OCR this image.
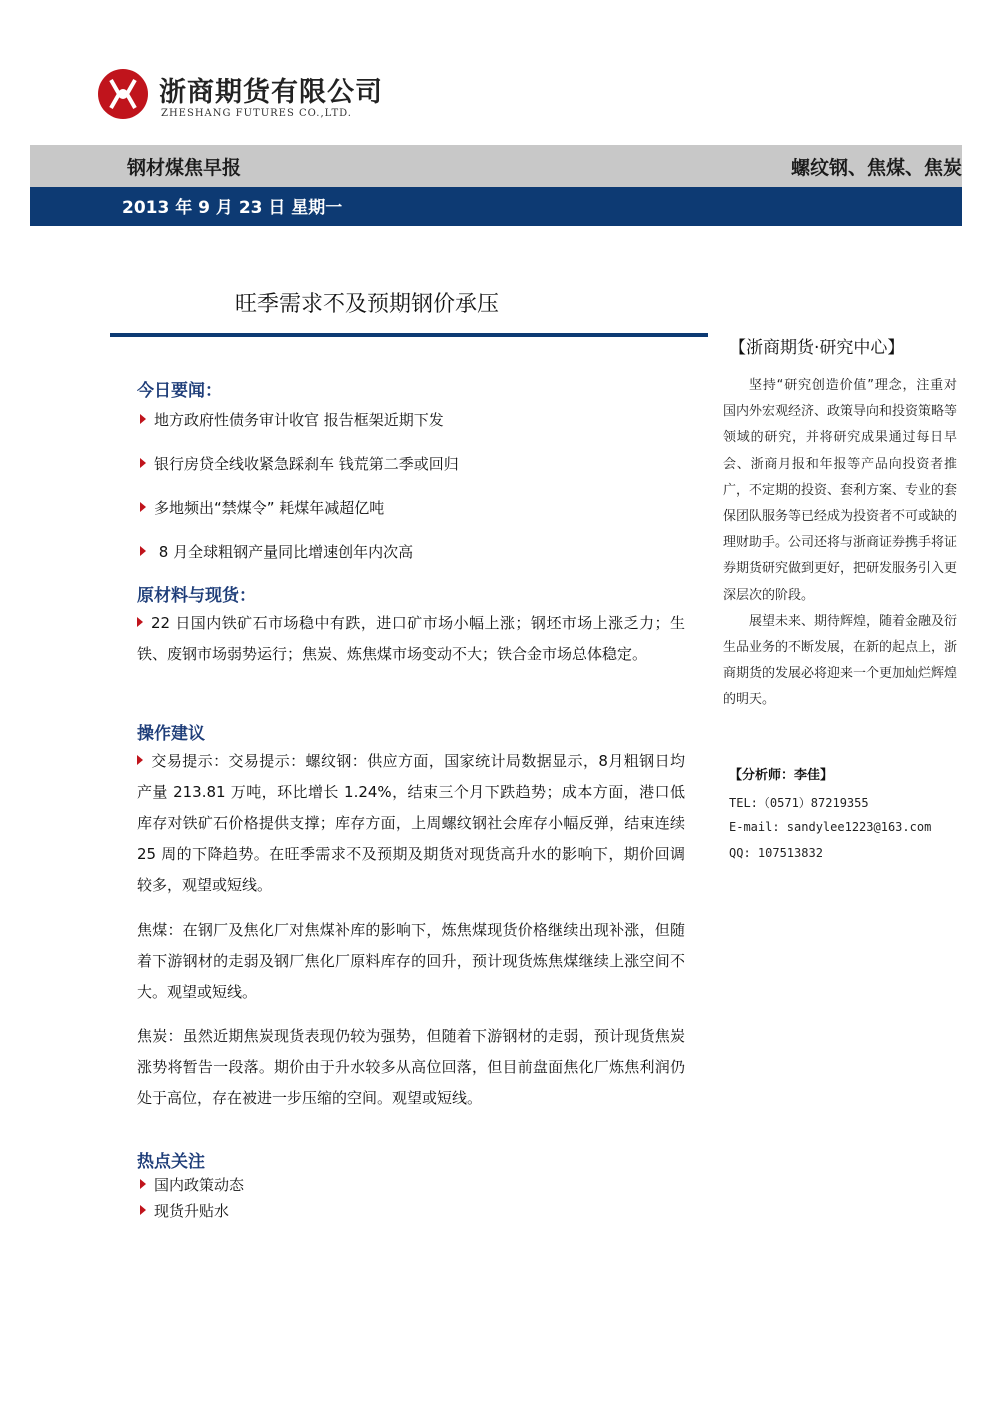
浙商期货有限公司
ZHESHANG FUTURES CO.,LTD.
钢材煤焦早报	螺纹钢、焦煤、焦炭
2013 年 9 月 23 日 星期一
旺季需求不及预期钢价承压
【浙商期货·研究中心】

坚持“研究创造价值”理念，注重对国内外宏观经济、政策导向和投资策略等领域的研究，并将研究成果通过每日早会、浙商月报和年报等产品向投资者推广，不定期的投资、套利方案、专业的套保团队服务等已经成为投资者不可或缺的理财助手。公司还将与浙商证券携手将证券期货研究做到更好，把研发服务引入更深层次的阶段。

展望未来、期待辉煌，随着金融及衍生品业务的不断发展，在新的起点上，浙商期货的发展必将迎来一个更加灿烂辉煌的明天。

【分析师：李佳】
TEL:（0571）87219355
E-mail: sandylee1223@163.com
QQ: 107513832
今日要闻：
地方政府性债务审计收官 报告框架近期下发
银行房贷全线收紧急踩刹车 钱荒第二季或回归
多地频出“禁煤令” 耗煤年减超亿吨
8 月全球粗钢产量同比增速创年内次高
原材料与现货：

22 日国内铁矿石市场稳中有跌，进口矿市场小幅上涨；钢坯市场上涨乏力；生铁、废钢市场弱势运行；焦炭、炼焦煤市场变动不大；铁合金市场总体稳定。

操作建议

交易提示：交易提示：螺纹钢：供应方面，国家统计局数据显示，8月粗钢日均产量 213.81 万吨，环比增长 1.24%，结束三个月下跌趋势；成本方面，港口低库存对铁矿石价格提供支撑；库存方面，上周螺纹钢社会库存小幅反弹，结束连续 25 周的下降趋势。在旺季需求不及预期及期货对现货高升水的影响下，期价回调较多，观望或短线。

焦煤：在钢厂及焦化厂对焦煤补库的影响下，炼焦煤现货价格继续出现补涨，但随着下游钢材的走弱及钢厂焦化厂原料库存的回升，预计现货炼焦煤继续上涨空间不大。观望或短线。

焦炭：虽然近期焦炭现货表现仍较为强势，但随着下游钢材的走弱，预计现货焦炭涨势将暂告一段落。期价由于升水较多从高位回落，但目前盘面焦化厂炼焦利润仍处于高位，存在被进一步压缩的空间。观望或短线。

热点关注
国内政策动态
现货升贴水
